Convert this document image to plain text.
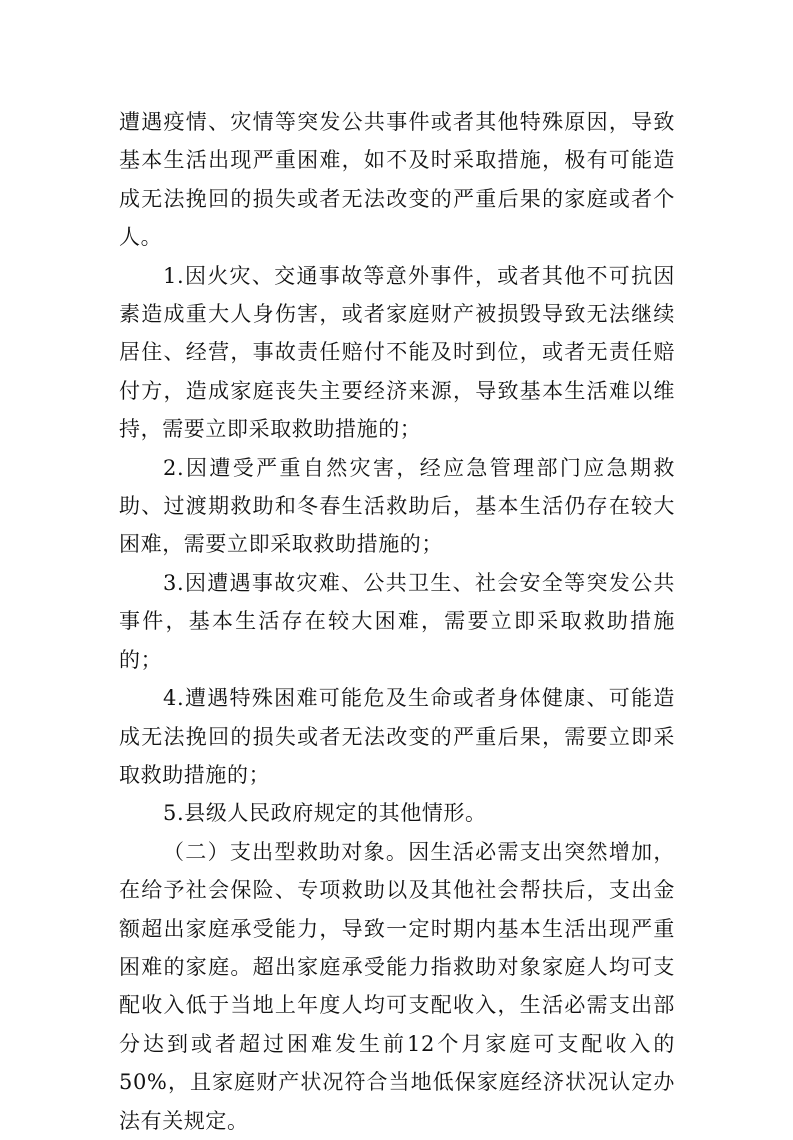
遭遇疫情、灾情等突发公共事件或者其他特殊原因，导致基本生活出现严重困难，如不及时采取措施，极有可能造成无法挽回的损失或者无法改变的严重后果的家庭或者个人。

1.因火灾、交通事故等意外事件，或者其他不可抗因素造成重大人身伤害，或者家庭财产被损毁导致无法继续居住、经营，事故责任赔付不能及时到位，或者无责任赔付方，造成家庭丧失主要经济来源，导致基本生活难以维持，需要立即采取救助措施的；

2.因遭受严重自然灾害，经应急管理部门应急期救助、过渡期救助和冬春生活救助后，基本生活仍存在较大困难，需要立即采取救助措施的；

3.因遭遇事故灾难、公共卫生、社会安全等突发公共事件，基本生活存在较大困难，需要立即采取救助措施的；

4.遭遇特殊困难可能危及生命或者身体健康、可能造成无法挽回的损失或者无法改变的严重后果，需要立即采取救助措施的；

5.县级人民政府规定的其他情形。

（二）支出型救助对象。因生活必需支出突然增加，在给予社会保险、专项救助以及其他社会帮扶后，支出金额超出家庭承受能力，导致一定时期内基本生活出现严重困难的家庭。超出家庭承受能力指救助对象家庭人均可支配收入低于当地上年度人均可支配收入，生活必需支出部分达到或者超过困难发生前12个月家庭可支配收入的50%，且家庭财产状况符合当地低保家庭经济状况认定办法有关规定。
